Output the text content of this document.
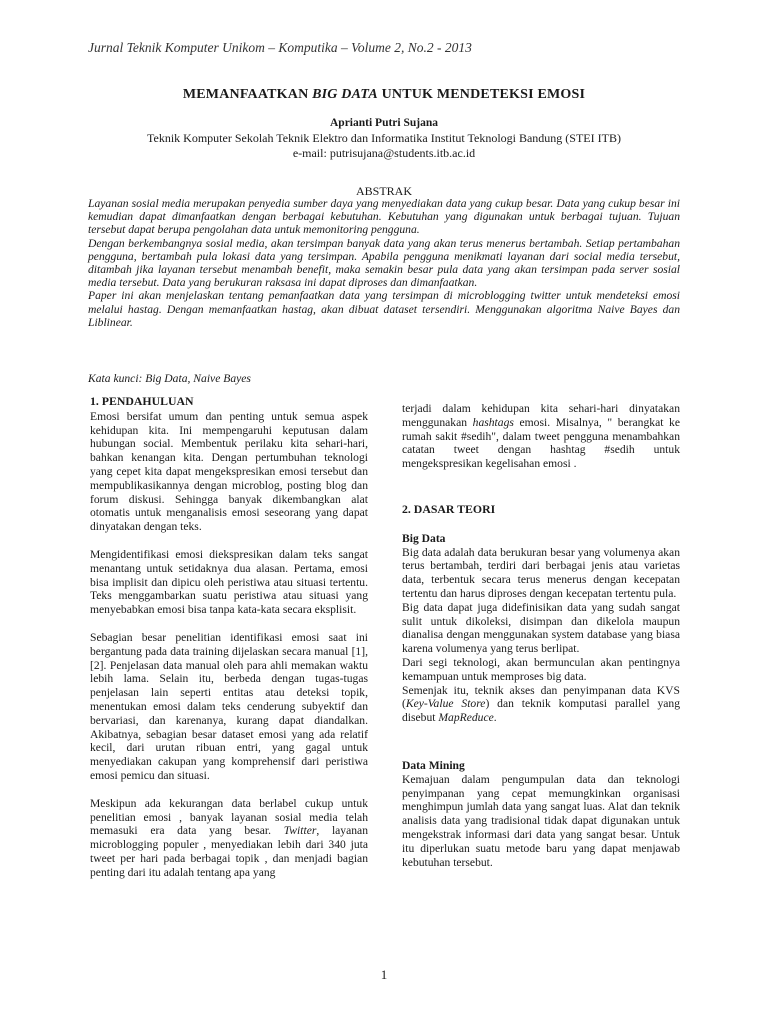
Jurnal Teknik Komputer Unikom – Komputika – Volume 2, No.2 - 2013
MEMANFAATKAN BIG DATA UNTUK MENDETEKSI EMOSI
Aprianti Putri Sujana
Teknik Komputer Sekolah Teknik Elektro dan Informatika Institut Teknologi Bandung (STEI ITB)
e-mail: putrisujana@students.itb.ac.id
ABSTRAK

Layanan sosial media merupakan penyedia sumber daya yang menyediakan data yang cukup besar. Data yang cukup besar ini kemudian dapat dimanfaatkan dengan berbagai kebutuhan. Kebutuhan yang digunakan untuk berbagai tujuan. Tujuan tersebut dapat berupa pengolahan data untuk memonitoring pengguna.

Dengan berkembangnya sosial media, akan tersimpan banyak data yang akan terus menerus bertambah. Setiap pertambahan pengguna, bertambah pula lokasi data yang tersimpan. Apabila pengguna menikmati layanan dari social media tersebut, ditambah jika layanan tersebut menambah benefit, maka semakin besar pula data yang akan tersimpan pada server sosial media tersebut. Data yang berukuran raksasa ini dapat diproses dan dimanfaatkan.

Paper ini akan menjelaskan tentang pemanfaatkan data yang tersimpan di microblogging twitter untuk mendeteksi emosi melalui hastag. Dengan memanfaatkan hastag, akan dibuat dataset tersendiri. Menggunakan algoritma Naive Bayes dan Liblinear.

Kata kunci: Big Data, Naive Bayes
1. PENDAHULUAN

Emosi bersifat umum dan penting untuk semua aspek kehidupan kita. Ini mempengaruhi keputusan dalam hubungan social. Membentuk perilaku kita sehari-hari, bahkan kenangan kita. Dengan pertumbuhan teknologi yang cepet kita dapat mengekspresikan emosi tersebut dan mempublikasikannya dengan microblog, posting blog dan forum diskusi. Sehingga banyak dikembangkan alat otomatis untuk menganalisis emosi seseorang yang dapat dinyatakan dengan teks.

Mengidentifikasi emosi diekspresikan dalam teks sangat menantang untuk setidaknya dua alasan. Pertama, emosi bisa implisit dan dipicu oleh peristiwa atau situasi tertentu. Teks menggambarkan suatu peristiwa atau situasi yang menyebabkan emosi bisa tanpa kata-kata secara eksplisit.

Sebagian besar penelitian identifikasi emosi saat ini bergantung pada data training dijelaskan secara manual [1], [2]. Penjelasan data manual oleh para ahli memakan waktu lebih lama. Selain itu, berbeda dengan tugas-tugas penjelasan lain seperti entitas atau deteksi topik, menentukan emosi dalam teks cenderung subyektif dan bervariasi, dan karenanya, kurang dapat diandalkan. Akibatnya, sebagian besar dataset emosi yang ada relatif kecil, dari urutan ribuan entri, yang gagal untuk menyediakan cakupan yang komprehensif dari peristiwa emosi pemicu dan situasi.

Meskipun ada kekurangan data berlabel cukup untuk penelitian emosi , banyak layanan sosial media telah memasuki era data yang besar. Twitter, layanan microblogging populer , menyediakan lebih dari 340 juta tweet per hari pada berbagai topik , dan menjadi bagian penting dari itu adalah tentang apa yang

terjadi dalam kehidupan kita sehari-hari dinyatakan menggunakan hashtags emosi. Misalnya, " berangkat ke rumah sakit #sedih", dalam tweet pengguna menambahkan catatan tweet dengan hashtag #sedih untuk mengekspresikan kegelisahan emosi .

2. DASAR TEORI
Big Data

Big data adalah data berukuran besar yang volumenya akan terus bertambah, terdiri dari berbagai jenis atau varietas data, terbentuk secara terus menerus dengan kecepatan tertentu dan harus diproses dengan kecepatan tertentu pula.

Big data dapat juga didefinisikan data yang sudah sangat sulit untuk dikoleksi, disimpan dan dikelola maupun dianalisa dengan menggunakan system database yang biasa karena volumenya yang terus berlipat.

Dari segi teknologi, akan bermunculan akan pentingnya kemampuan untuk memproses big data.

Semenjak itu, teknik akses dan penyimpanan data KVS (Key-Value Store) dan teknik komputasi parallel yang disebut MapReduce.

Data Mining

Kemajuan dalam pengumpulan data dan teknologi penyimpanan yang cepat memungkinkan organisasi menghimpun jumlah data yang sangat luas. Alat dan teknik analisis data yang tradisional tidak dapat digunakan untuk mengekstrak informasi dari data yang sangat besar. Untuk itu diperlukan suatu metode baru yang dapat menjawab kebutuhan tersebut.

1
